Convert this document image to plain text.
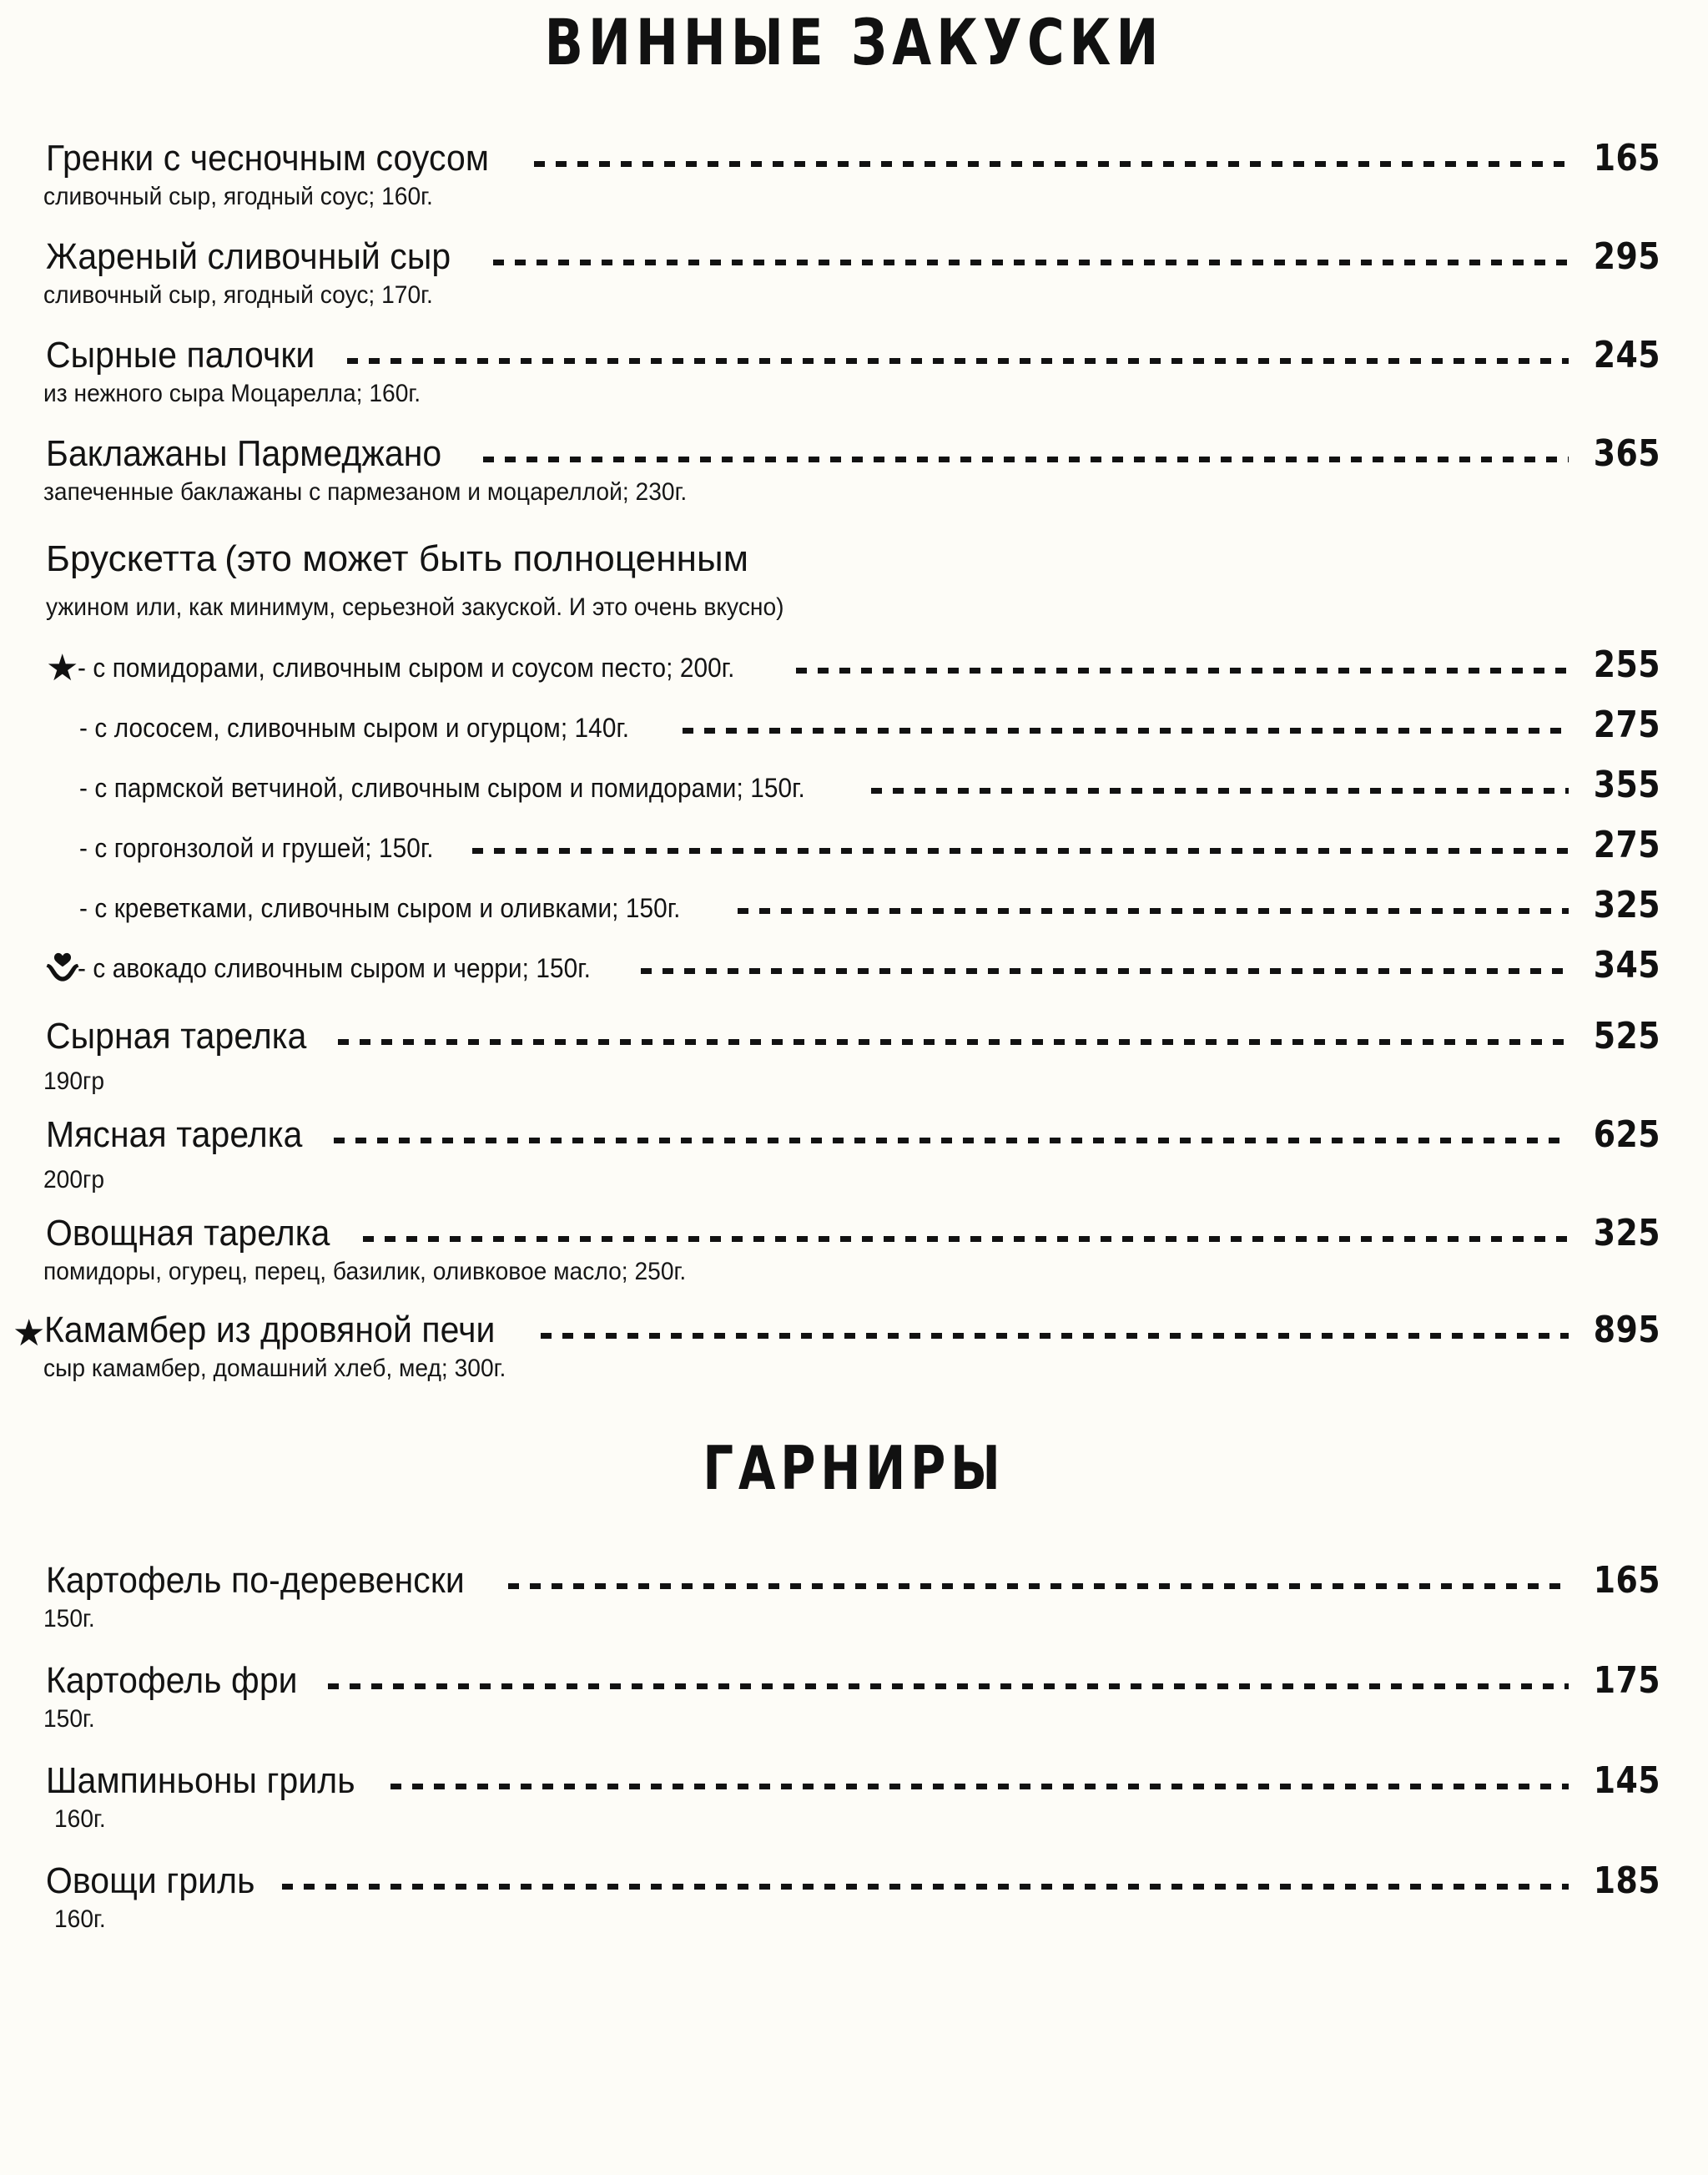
ВИННЫЕ ЗАКУСКИ
Гренки с чесночным соусом	165
сливочный сыр, ягодный соус; 160г.
Жареный сливочный сыр	295
сливочный сыр, ягодный соус; 170г.
Сырные палочки	245
из нежного сыра Моцарелла; 160г.
Баклажаны Пармеджано	365
запеченные баклажаны с пармезаном и моцареллой; 230г.
Брускетта (это может быть полноценным
ужином или, как минимум, серьезной закуской. И это очень вкусно)
★
- с помидорами, сливочным сыром и соусом песто; 200г.	255
- с лососем, сливочным сыром и огурцом; 140г.	275
- с пармской ветчиной, сливочным сыром и помидорами; 150г.	355
- с горгонзолой и грушей; 150г.	275
- с креветками, сливочным сыром и оливками; 150г.	325
- с авокадо сливочным сыром и черри; 150г.	345
Сырная тарелка	525
190гр
Мясная тарелка	625
200гр
Овощная тарелка	325
помидоры, огурец, перец, базилик, оливковое масло; 250г.
★
Камамбер из дровяной печи	895
сыр камамбер, домашний хлеб, мед; 300г.
ГАРНИРЫ
Картофель по-деревенски	165
150г.
Картофель фри	175
150г.
Шампиньоны гриль	145
160г.
Овощи гриль	185
160г.
